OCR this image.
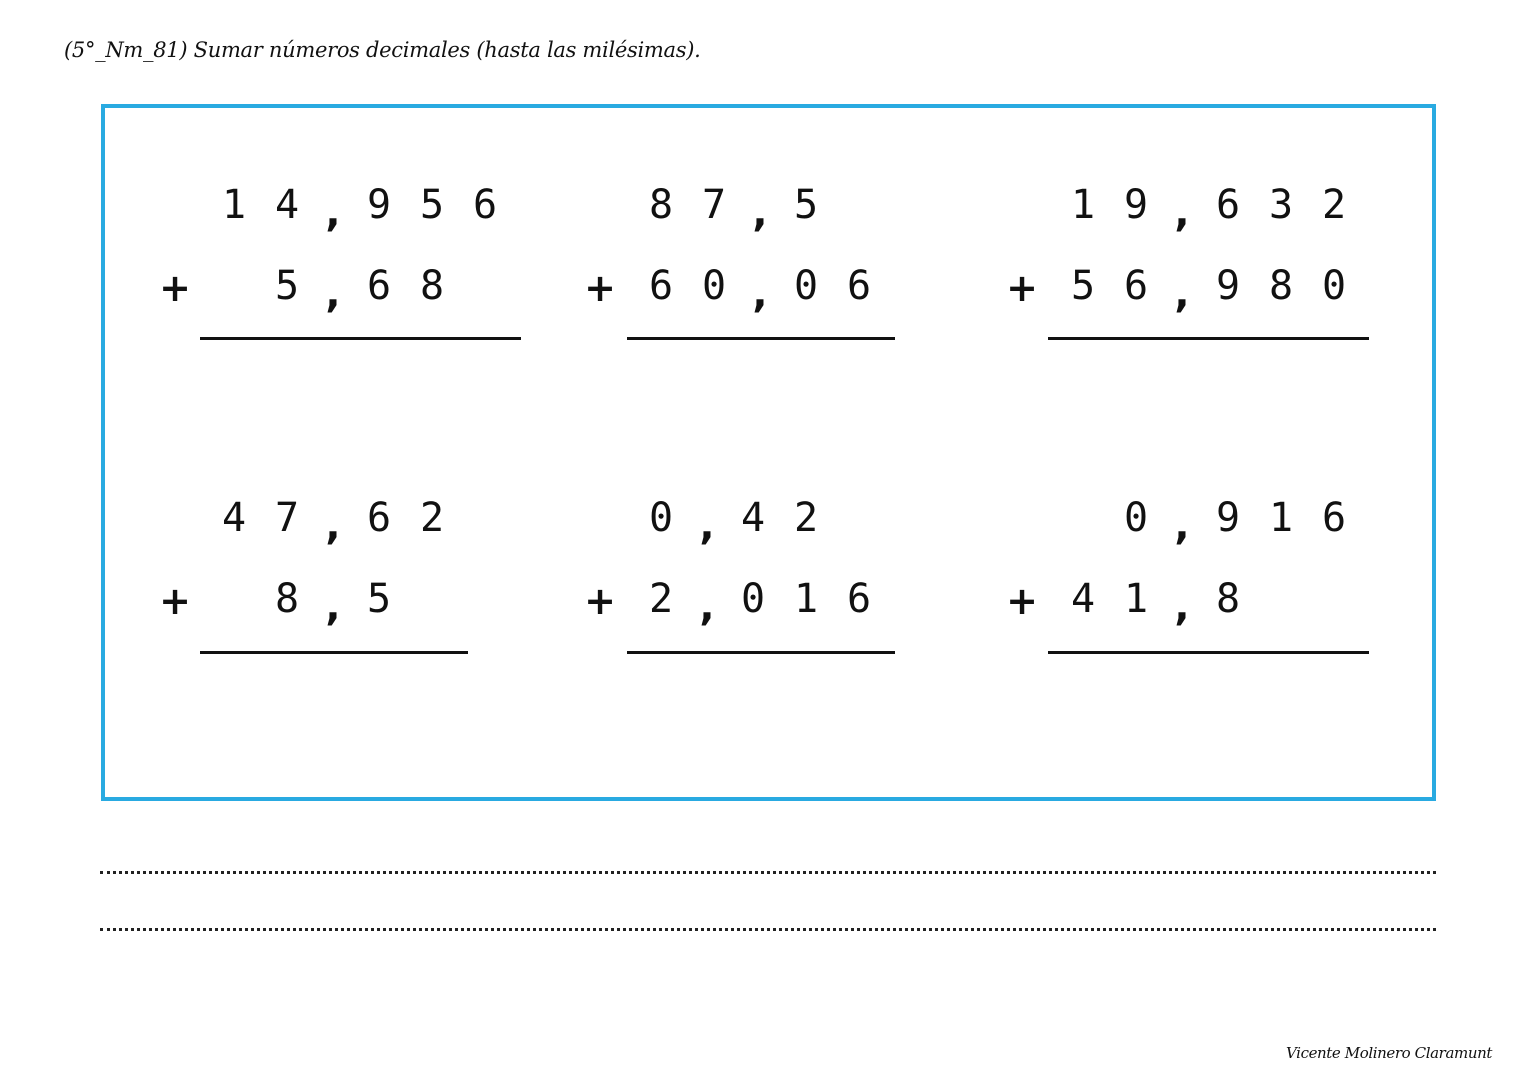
(5°_Nm_81) Sumar números decimales (hasta las milésimas).
1 4 , 9 5 6
5 , 6 8
+
8 7 , 5
6 0 , 0 6
+
1 9 , 6 3 2
5 6 , 9 8 0
+
4 7 , 6 2
8 , 5
+
0 , 4 2
2 , 0 1 6
+
0 , 9 1 6
4 1 , 8
+
Vicente Molinero Claramunt
